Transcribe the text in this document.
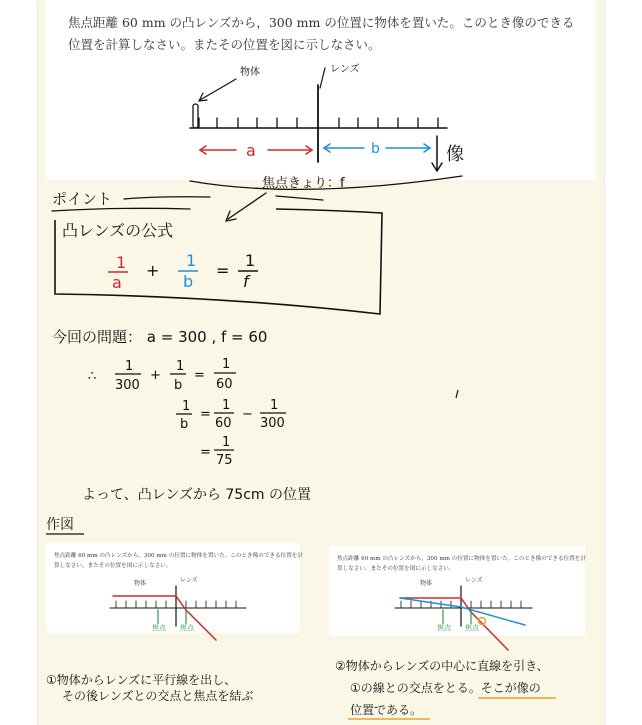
焦点距離 60 mm の凸レンズから，300 mm の位置に物体を置いた。このとき像のできる位置を計算しなさい。またその位置を図に示しなさい。
焦点距離 60 mm の凸レンズから，300 mm の位置に物体を置いた。このとき像のできる位置を計算しなさい。またその位置を図に示しなさい。
焦点距離 60 mm の凸レンズから，300 mm の位置に物体を置いた。このとき像のできる位置を計算しなさい。またその位置を図に示しなさい。
物体	レンズ
a	b	像
ポイント
焦点きょり：f
凸レンズの公式
1
a
+
1
b
=
1
f
今回の問題： a = 300 , f = 60
∴
1
300
+
1
b
=
1
60
1
b
=
1
60
−
1
300
=
1
75
よって、凸レンズから 75cm の位置
作図
物体	レンズ
焦点 焦点
物体	レンズ
焦点 焦点
①物体からレンズに平行線を出し、
その後レンズとの交点と焦点を結ぶ
②物体からレンズの中心に直線を引き、
①の線との交点をとる。そこが像の
位置である。
